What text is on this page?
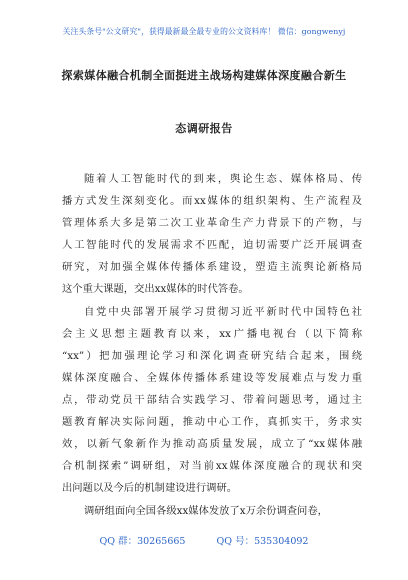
关注头条号"公文研究"，获得最新最全最专业的公文资料库！ 微信：gongwenyj
探索媒体融合机制全面挺进主战场构建媒体深度融合新生
态调研报告
随着人工智能时代的到来，舆论生态、媒体格局、传
播方式发生深刻变化。而xx媒体的组织架构、生产流程及
管理体系大多是第二次工业革命生产力背景下的产物，与
人工智能时代的发展需求不匹配，迫切需要广泛开展调查
研究，对加强全媒体传播体系建设，塑造主流舆论新格局
这个重大课题，交出xx媒体的时代答卷。
自党中央部署开展学习贯彻习近平新时代中国特色社
会主义思想主题教育以来，xx广播电视台（以下简称
“xx”）把加强理论学习和深化调查研究结合起来，围绕
媒体深度融合、全媒体传播体系建设等发展难点与发力重
点，带动党员干部结合实践学习、带着问题思考，通过主
题教育解决实际问题，推动中心工作，真抓实干，务求实
效，以新气象新作为推动高质量发展，成立了“xx媒体融
合机制探索”调研组，对当前xx媒体深度融合的现状和突
出问题以及今后的机制建设进行调研。
调研组面向全国各级xx媒体发放了x万余份调查问卷，
QQ 群：30265665	QQ 号：535304092
